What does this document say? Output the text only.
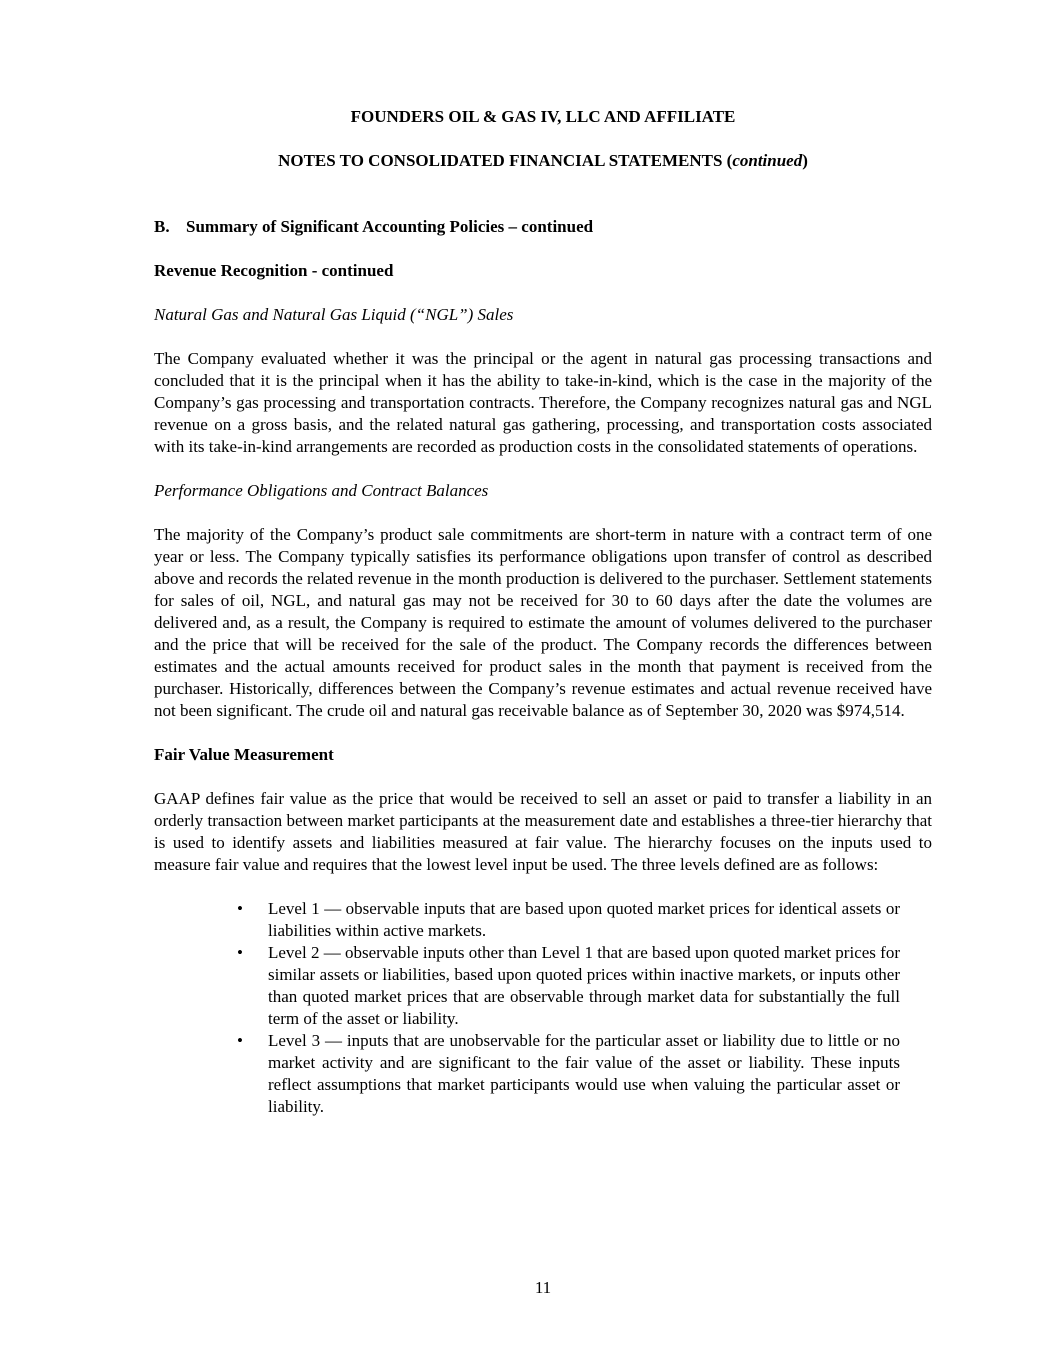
FOUNDERS OIL & GAS IV, LLC AND AFFILIATE
NOTES TO CONSOLIDATED FINANCIAL STATEMENTS (continued)
B. Summary of Significant Accounting Policies – continued
Revenue Recognition - continued
Natural Gas and Natural Gas Liquid (“NGL”) Sales
The Company evaluated whether it was the principal or the agent in natural gas processing transactions and concluded that it is the principal when it has the ability to take-in-kind, which is the case in the majority of the Company’s gas processing and transportation contracts. Therefore, the Company recognizes natural gas and NGL revenue on a gross basis, and the related natural gas gathering, processing, and transportation costs associated with its take-in-kind arrangements are recorded as production costs in the consolidated statements of operations.
Performance Obligations and Contract Balances
The majority of the Company’s product sale commitments are short-term in nature with a contract term of one year or less. The Company typically satisfies its performance obligations upon transfer of control as described above and records the related revenue in the month production is delivered to the purchaser. Settlement statements for sales of oil, NGL, and natural gas may not be received for 30 to 60 days after the date the volumes are delivered and, as a result, the Company is required to estimate the amount of volumes delivered to the purchaser and the price that will be received for the sale of the product. The Company records the differences between estimates and the actual amounts received for product sales in the month that payment is received from the purchaser. Historically, differences between the Company’s revenue estimates and actual revenue received have not been significant. The crude oil and natural gas receivable balance as of September 30, 2020 was $974,514.
Fair Value Measurement
GAAP defines fair value as the price that would be received to sell an asset or paid to transfer a liability in an orderly transaction between market participants at the measurement date and establishes a three-tier hierarchy that is used to identify assets and liabilities measured at fair value. The hierarchy focuses on the inputs used to measure fair value and requires that the lowest level input be used. The three levels defined are as follows:
• Level 1 — observable inputs that are based upon quoted market prices for identical assets or liabilities within active markets.
• Level 2 — observable inputs other than Level 1 that are based upon quoted market prices for similar assets or liabilities, based upon quoted prices within inactive markets, or inputs other than quoted market prices that are observable through market data for substantially the full term of the asset or liability.
• Level 3 — inputs that are unobservable for the particular asset or liability due to little or no market activity and are significant to the fair value of the asset or liability. These inputs reflect assumptions that market participants would use when valuing the particular asset or liability.
11
